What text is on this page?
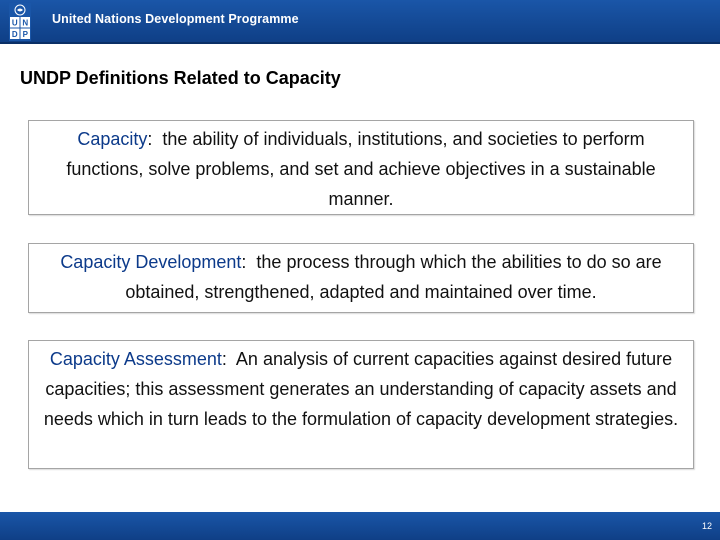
U N
D P
United Nations Development Programme
UNDP Definitions Related to Capacity
Capacity:  the ability of individuals, institutions, and societies to perform functions, solve problems, and set and achieve objectives in a sustainable manner.
Capacity Development:  the process through which the abilities to do so are obtained, strengthened, adapted and maintained over time.
Capacity Assessment:  An analysis of current capacities against desired future capacities; this assessment generates an understanding of capacity assets and needs which in turn leads to the formulation of capacity development strategies.
12
